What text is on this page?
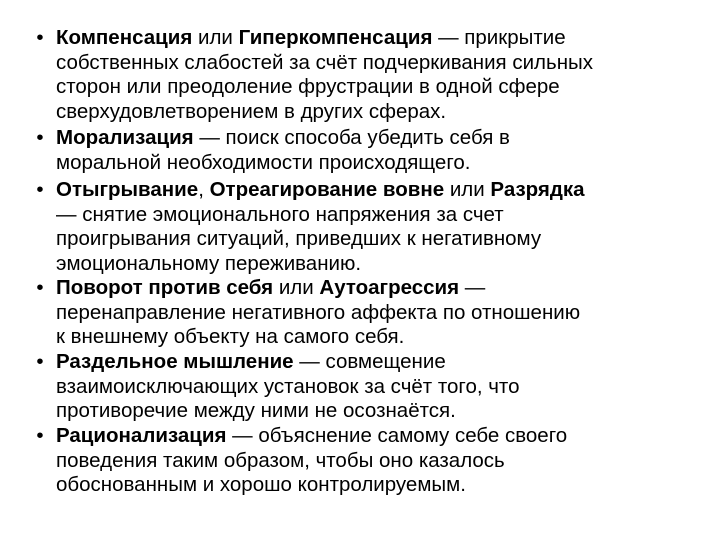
• Компенсация или Гиперкомпенсация — прикрытие
собственных слабостей за счёт подчеркивания сильных
сторон или преодоление фрустрации в одной сфере
сверхудовлетворением в других сферах.
• Морализация — поиск способа убедить себя в
моральной необходимости происходящего.
• Отыгрывание, Отреагирование вовне или Разрядка
— снятие эмоционального напряжения за счет
проигрывания ситуаций, приведших к негативному
эмоциональному переживанию.
• Поворот против себя или Аутоагрессия —
перенаправление негативного аффекта по отношению
к внешнему объекту на самого себя.
• Раздельное мышление — совмещение
взаимоисключающих установок за счёт того, что
противоречие между ними не осознаётся.
• Рационализация — объяснение самому себе своего
поведения таким образом, чтобы оно казалось
обоснованным и хорошо контролируемым.
